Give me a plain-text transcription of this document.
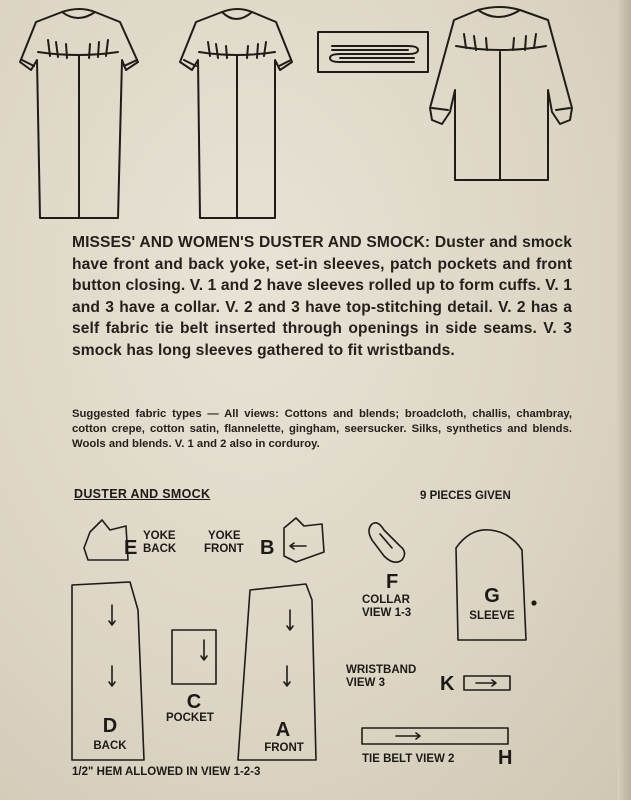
MISSES' AND WOMEN'S DUSTER AND SMOCK: Duster and smock have front and back yoke, set-in sleeves, patch pockets and front button closing. V. 1 and 2 have sleeves rolled up to form cuffs. V. 1 and 3 have a collar. V. 2 and 3 have top-stitching detail. V. 2 has a self fabric tie belt inserted through openings in side seams. V. 3 smock has long sleeves gathered to fit wristbands.
Suggested fabric types — All views: Cottons and blends; broadcloth, challis, chambray, cotton crepe, cotton satin, flannelette, gingham, seersucker. Silks, synthetics and blends. Wools and blends. V. 1 and 2 also in corduroy.
DUSTER AND SMOCK	9 PIECES GIVEN
E
YOKE
BACK
YOKE
FRONT B
F
COLLAR
VIEW 1-3
G
SLEEVE
C
POCKET
D
BACK
A
FRONT
WRISTBAND
VIEW 3	K
TIE BELT VIEW 2 H
1/2" HEM ALLOWED IN VIEW 1-2-3
